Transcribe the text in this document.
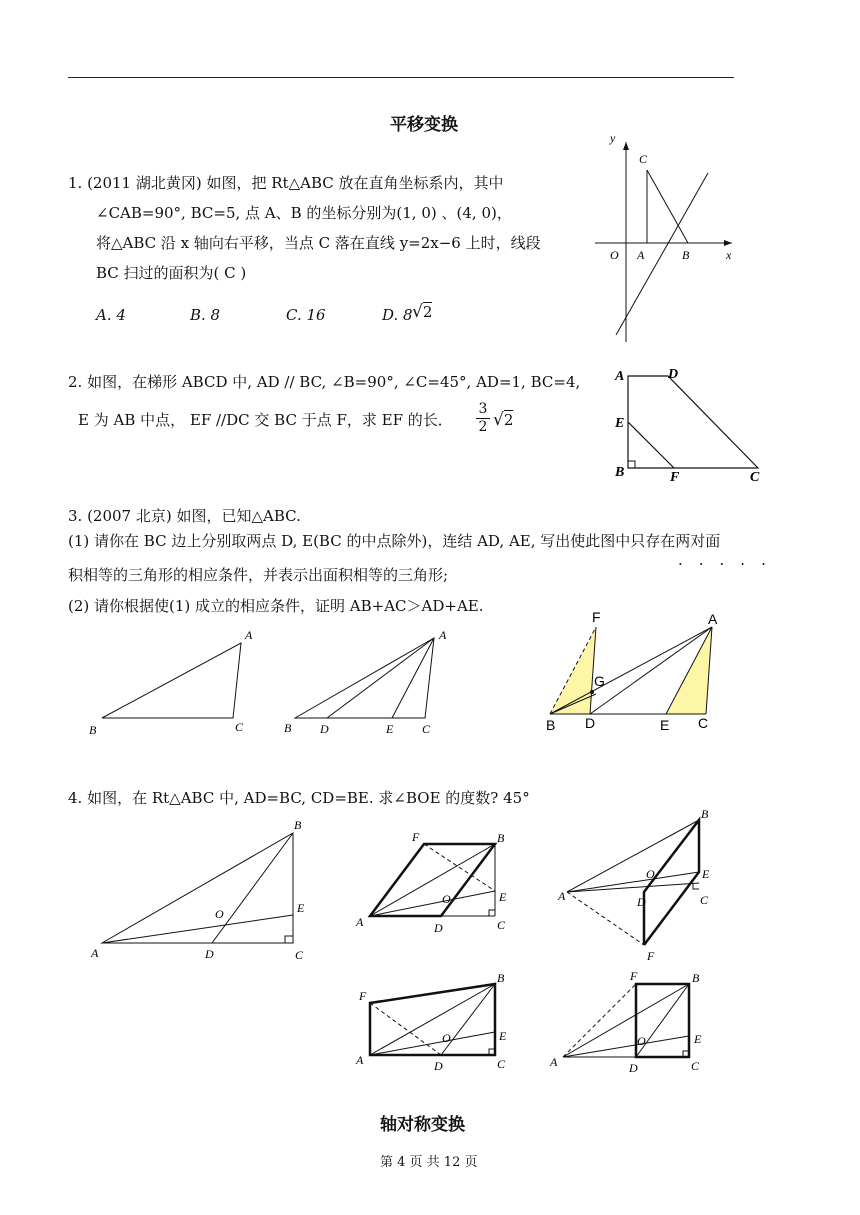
平移变换
1. (2011 湖北黄冈) 如图，把 Rt△ABC 放在直角坐标系内，其中
∠CAB=90°, BC=5, 点 A、B 的坐标分别为(1, 0) 、(4, 0)，
将△ABC 沿 x 轴向右平移，当点 C 落在直线 y=2x−6 上时，线段
BC 扫过的面积为( C )
A. 4	B. 8	C. 16	D. 8 √2
y
x
O A	B
C
2. 如图，在梯形 ABCD 中, AD // BC, ∠B=90°, ∠C=45°, AD=1, BC=4,
E 为 AB 中点， EF //DC 交 BC 于点 F，求 EF 的长．
3
2 √2
A	D
E
B	F	C
3. (2007 北京) 如图，已知△ABC.
(1) 请你在 BC 边上分别取两点 D, E(BC 的中点除外)，连结 AD, AE, 写出使此图中只存在两对面
·····
积相等的三角形的相应条件，并表示出面积相等的三角形;
(2) 请你根据使(1) 成立的相应条件，证明 AB+AC＞AD+AE.
A
B	C
A
B D	E C
F	A
G
B D	E C
4. 如图，在 Rt△ABC 中, AD=BC, CD=BE. 求∠BOE 的度数? 45°
A
B
C
D
E
O
F	B
A	D	C
E
O
B
A
O	E
D	C
F
F
B
A	D	C
E
O
F	B
A	D	C
E
O
轴对称变换
第 4 页 共 12 页
